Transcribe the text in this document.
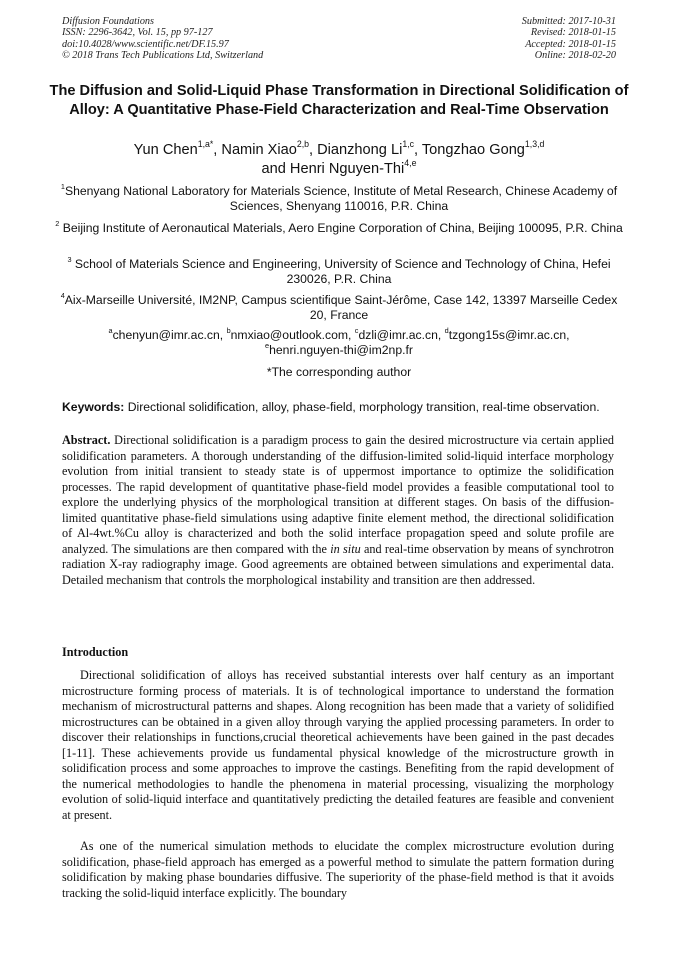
Diffusion Foundations
ISSN: 2296-3642, Vol. 15, pp 97-127
doi:10.4028/www.scientific.net/DF.15.97
© 2018 Trans Tech Publications Ltd, Switzerland
Submitted: 2017-10-31
Revised: 2018-01-15
Accepted: 2018-01-15
Online: 2018-02-20
The Diffusion and Solid-Liquid Phase Transformation in Directional Solidification of Alloy: A Quantitative Phase-Field Characterization and Real-Time Observation
Yun Chen$^{1,a*}$, Namin Xiao$^{2,b}$, Dianzhong Li$^{1,c}$, Tongzhao Gong$^{1,3,d}$
and Henri Nguyen-Thi$^{4,e}$
$^1$Shenyang National Laboratory for Materials Science, Institute of Metal Research, Chinese Academy of Sciences, Shenyang 110016, P.R. China
$^2$ Beijing Institute of Aeronautical Materials, Aero Engine Corporation of China, Beijing 100095, P.R. China
$^3$ School of Materials Science and Engineering, University of Science and Technology of China, Hefei 230026, P.R. China
$^4$Aix-Marseille Université, IM2NP, Campus scientifique Saint-Jérôme, Case 142, 13397 Marseille Cedex 20, France
$^a$chenyun@imr.ac.cn, $^b$nmxiao@outlook.com, $^c$dzli@imr.ac.cn, $^d$tzgong15s@imr.ac.cn,
$^e$henri.nguyen-thi@im2np.fr
*The corresponding author
Keywords: Directional solidification, alloy, phase-field, morphology transition, real-time observation.
Abstract. Directional solidification is a paradigm process to gain the desired microstructure via certain applied solidification parameters. A thorough understanding of the diffusion-limited solid-liquid interface morphology evolution from initial transient to steady state is of uppermost importance to optimize the solidification processes. The rapid development of quantitative phase-field model provides a feasible computational tool to explore the underlying physics of the morphological transition at different stages. On basis of the diffusion-limited quantitative phase-field simulations using adaptive finite element method, the directional solidification of Al-4wt.%Cu alloy is characterized and both the solid interface propagation speed and solute profile are analyzed. The simulations are then compared with the in situ and real-time observation by means of synchrotron radiation X-ray radiography image. Good agreements are obtained between simulations and experimental data. Detailed mechanism that controls the morphological instability and transition are then addressed.
Introduction
Directional solidification of alloys has received substantial interests over half century as an important microstructure forming process of materials. It is of technological importance to understand the formation mechanism of microstructural patterns and shapes. Along recognition has been made that a variety of solidified microstructures can be obtained in a given alloy through varying the applied processing parameters. In order to discover their relationships in functions,crucial theoretical achievements have been gained in the past decades [1-11]. These achievements provide us fundamental physical knowledge of the microstructure growth in solidification process and some approaches to improve the castings. Benefiting from the rapid development of the numerical methodologies to handle the phenomena in material processing, visualizing the morphology evolution of solid-liquid interface and quantitatively predicting the detailed features are feasible and convenient at present.
As one of the numerical simulation methods to elucidate the complex microstructure evolution during solidification, phase-field approach has emerged as a powerful method to simulate the pattern formation during solidification by making phase boundaries diffusive. The superiority of the phase-field method is that it avoids tracking the solid-liquid interface explicitly. The boundary
